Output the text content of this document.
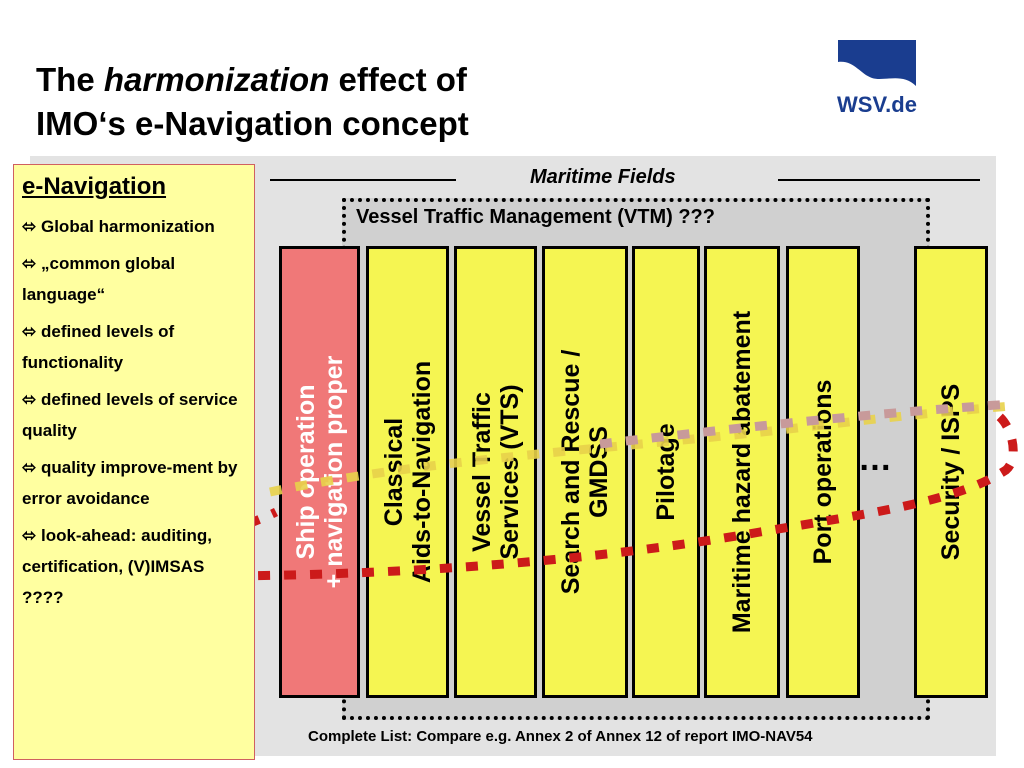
The harmonization effect of
IMO‘s e-Navigation concept
WSV.de
Maritime Fields
Vessel Traffic Management (VTM) ???
Ship operation
+ navigation proper Classical
Aids-to-Navigation Vessel Traffic
Services (VTS) Search and Rescue /
GMDSS Pilotage Maritime hazard abatement Port operations	Security / ISPS
…
e-Navigation
⬄ Global harmonization
⬄ „common global language“
⬄ defined levels of functionality
⬄ defined levels of service quality
⬄ quality improve-ment by error avoidance
⬄ look-ahead: auditing, certification, (V)IMSAS ????
Complete List: Compare e.g. Annex 2 of Annex 12 of report IMO-NAV54
